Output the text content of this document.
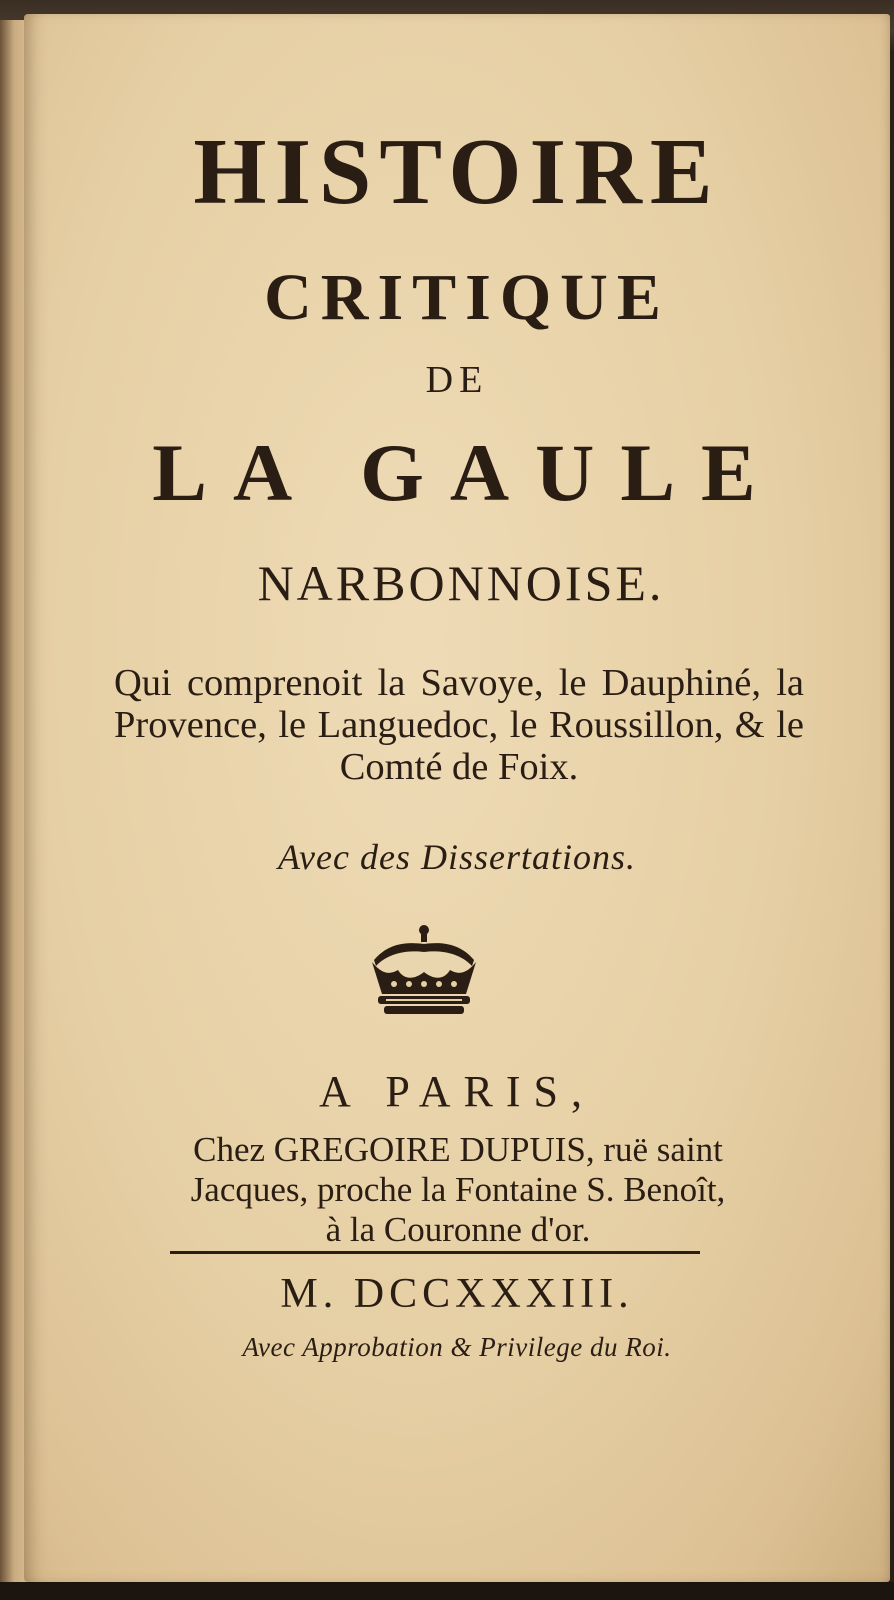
HISTOIRE
CRITIQUE
DE
LA GAULE
NARBONNOISE.

Qui comprenoit la Savoye, le Dauphiné, la Provence, le Languedoc, le Roussillon, & le Comté de Foix.

Avec des Dissertations.
A PARIS,
Chez GREGOIRE DUPUIS, ruë saint
Jacques, proche la Fontaine S. Benoît,
à la Couronne d'or.
M. DCCXXXIII.
Avec Approbation & Privilege du Roi.
